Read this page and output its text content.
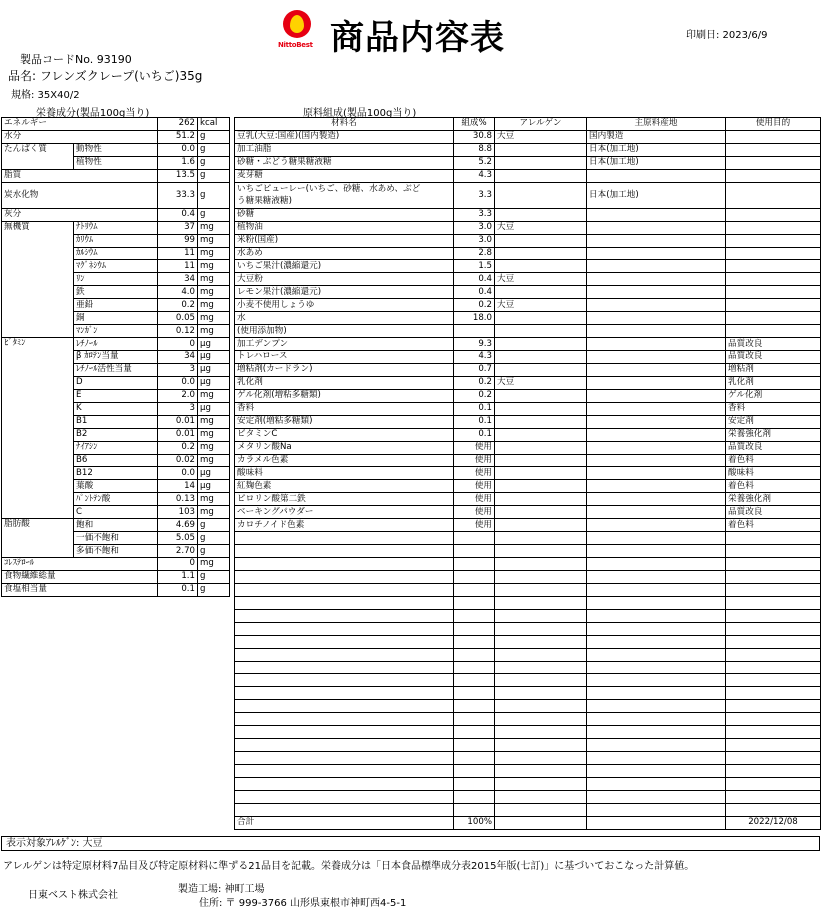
NittoBest 商品内容表	印刷日: 2023/6/9
製品コードNo. 93190
品名: フレンズクレープ(いちご)35g
規格: 35X40/2
栄養成分(製品100g当り)	原料組成(製品100g当り)
エネルギー		262	kcal
水分		51.2	g
たんぱく質	動物性	0.0	g
	植物性	1.6	g
脂質		13.5	g
炭水化物		33.3	g
灰分		0.4	g
無機質	ﾅﾄﾘｳﾑ	37	mg
	ｶﾘｳﾑ	99	mg
	ｶﾙｼｳﾑ	11	mg
	ﾏｸﾞﾈｼｳﾑ	11	mg
	ﾘﾝ	34	mg
	鉄	4.0	mg
	亜鉛	0.2	mg
	銅	0.05	mg
	ﾏﾝｶﾞﾝ	0.12	mg
ﾋﾞﾀﾐﾝ	ﾚﾁﾉｰﾙ	0	μg
	β ｶﾛﾃﾝ当量	34	μg
	ﾚﾁﾉｰﾙ活性当量	3	μg
	D	0.0	μg
	E	2.0	mg
	K	3	μg
	B1	0.01	mg
	B2	0.01	mg
	ﾅｲｱｼﾝ	0.2	mg
	B6	0.02	mg
	B12	0.0	μg
	葉酸	14	μg
	ﾊﾟﾝﾄﾃﾝ酸	0.13	mg
	C	103	mg
脂肪酸	飽和	4.69	g
	一価不飽和	5.05	g
	多価不飽和	2.70	g
ｺﾚｽﾃﾛｰﾙ		0	mg
食物繊維総量		1.1	g
食塩相当量		0.1	g
材料名	組成%	アレルゲン	主原料産地	使用目的
豆乳(大豆:国産)(国内製造)	30.8	大豆	国内製造	
加工油脂	8.8		日本(加工地)	
砂糖・ぶどう糖果糖液糖	5.2		日本(加工地)	
麦芽糖	4.3			

いちごピューレー(いちご、砂糖、水あめ、ぶど
う糖果糖液糖)	3.3		日本(加工地)	
砂糖	3.3			
植物油	3.0	大豆		
米粉(国産)	3.0			
水あめ	2.8			
いちご果汁(濃縮還元)	1.5			
大豆粉	0.4	大豆		
レモン果汁(濃縮還元)	0.4			
小麦不使用しょうゆ	0.2	大豆		
水	18.0			
(使用添加物)				
加工デンプン	9.3			品質改良
トレハロース	4.3			品質改良
増粘剤(カードラン)	0.7			増粘剤
乳化剤	0.2	大豆		乳化剤
ゲル化剤(増粘多糖類)	0.2			ゲル化剤
香料	0.1			香料
安定剤(増粘多糖類)	0.1			安定剤
ビタミンC	0.1			栄養強化剤
メタリン酸Na	使用			品質改良
カラメル色素	使用			着色料
酸味料	使用			酸味料
紅麹色素	使用			着色料
ピロリン酸第二鉄	使用			栄養強化剤
ベーキングパウダー	使用			品質改良
カロチノイド色素	使用			着色料

合計	100%			2022/12/08
表示対象ｱﾚﾙｹﾞﾝ: 大豆
アレルゲンは特定原材料7品目及び特定原材料に準ずる21品目を記載。栄養成分は「日本食品標準成分表2015年版(七訂)」に基づいておこなった計算値。
日東ベスト株式会社
製造工場: 神町工場
住所: 〒 999-3766 山形県東根市神町西4-5-1
